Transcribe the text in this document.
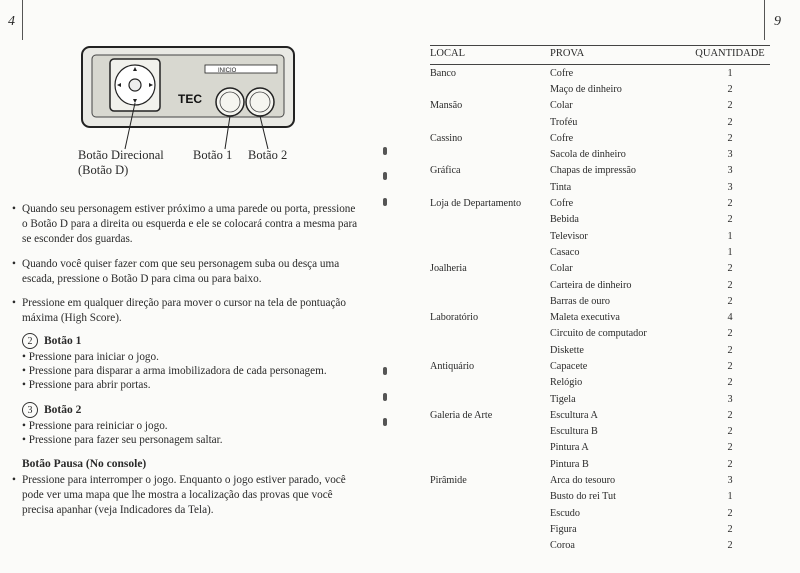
4
INICIO
TEC
Botão Direcional
(Botão D)
Botão 1 Botão 2
• Quando seu personagem estiver próximo a uma parede ou porta, pressione o Botão D para a direita ou esquerda e ele se colocará contra a mesma para se esconder dos guardas.
• Quando você quiser fazer com que seu personagem suba ou desça uma escada, pressione o Botão D para cima ou para baixo.
• Pressione em qualquer direção para mover o cursor na tela de pontuação máxima (High Score).
2	Botão 1
• Pressione para iniciar o jogo.
• Pressione para disparar a arma imobilizadora de cada personagem.
• Pressione para abrir portas.
3	Botão 2
• Pressione para reiniciar o jogo.
• Pressione para fazer seu personagem saltar.
Botão Pausa (No console)
• Pressione para interromper o jogo. Enquanto o jogo estiver parado, você pode ver uma mapa que lhe mostra a localização das provas que você precisa apanhar (veja Indicadores da Tela).
9
LOCAL	PROVA	QUANTIDADE
Banco	Cofre	1
	Maço de dinheiro	2
Mansão	Colar	2
	Troféu	2
Cassino	Cofre	2
	Sacola de dinheiro	3
Gráfica	Chapas de impressão	3
	Tinta	3
Loja de Departamento	Cofre	2
	Bebida	2
	Televisor	1
	Casaco	1
Joalheria	Colar	2
	Carteira de dinheiro	2
	Barras de ouro	2
Laboratório	Maleta executiva	4
	Circuito de computador	2
	Diskette	2
Antiquário	Capacete	2
	Relógio	2
	Tigela	3
Galeria de Arte	Escultura A	2
	Escultura B	2
	Pintura A	2
	Pintura B	2
Pirâmide	Arca do tesouro	3
	Busto do rei Tut	1
	Escudo	2
	Figura	2
	Coroa	2
